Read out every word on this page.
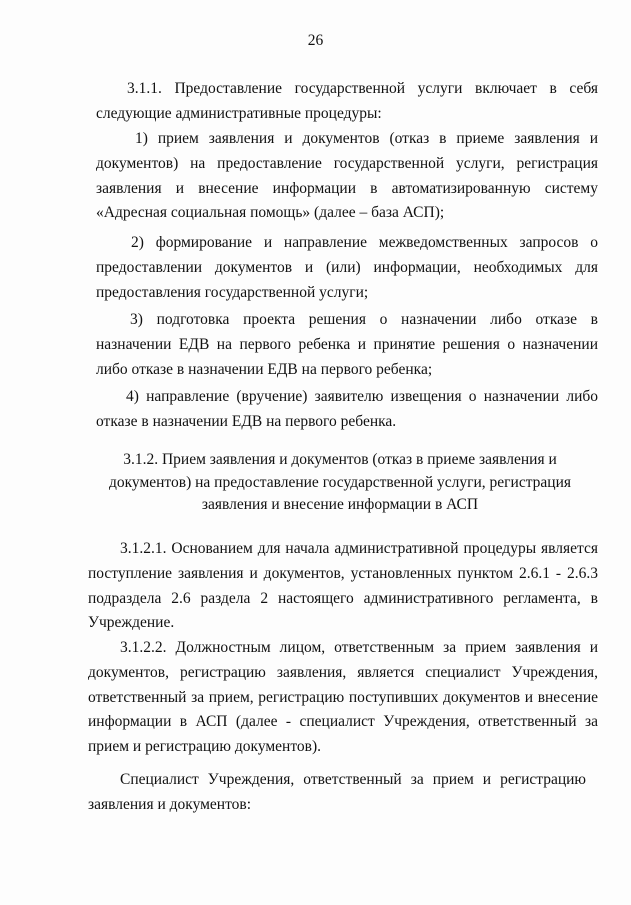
26

3.1.1. Предоставление государственной услуги включает в себя следующие административные процедуры:

1) прием заявления и документов (отказ в приеме заявления и документов) на предоставление государственной услуги, регистрация заявления и внесение информации в автоматизированную систему «Адресная социальная помощь» (далее – база АСП);

2) формирование и направление межведомственных запросов о предоставлении документов и (или) информации, необходимых для предоставления государственной услуги;

3) подготовка проекта решения о назначении либо отказе в назначении ЕДВ на первого ребенка и принятие решения о назначении либо отказе в назначении ЕДВ на первого ребенка;

4) направление (вручение) заявителю извещения о назначении либо отказе в назначении ЕДВ на первого ребенка.

3.1.2. Прием заявления и документов (отказ в приеме заявления и документов) на предоставление государственной услуги, регистрация заявления и внесение информации в АСП

3.1.2.1. Основанием для начала административной процедуры является поступление заявления и документов, установленных пунктом 2.6.1 - 2.6.3 подраздела 2.6 раздела 2 настоящего административного регламента, в Учреждение.

3.1.2.2. Должностным лицом, ответственным за прием заявления и документов, регистрацию заявления, является специалист Учреждения, ответственный за прием, регистрацию поступивших документов и внесение информации в АСП (далее - специалист Учреждения, ответственный за прием и регистрацию документов).

Специалист Учреждения, ответственный за прием и регистрацию заявления и документов:
